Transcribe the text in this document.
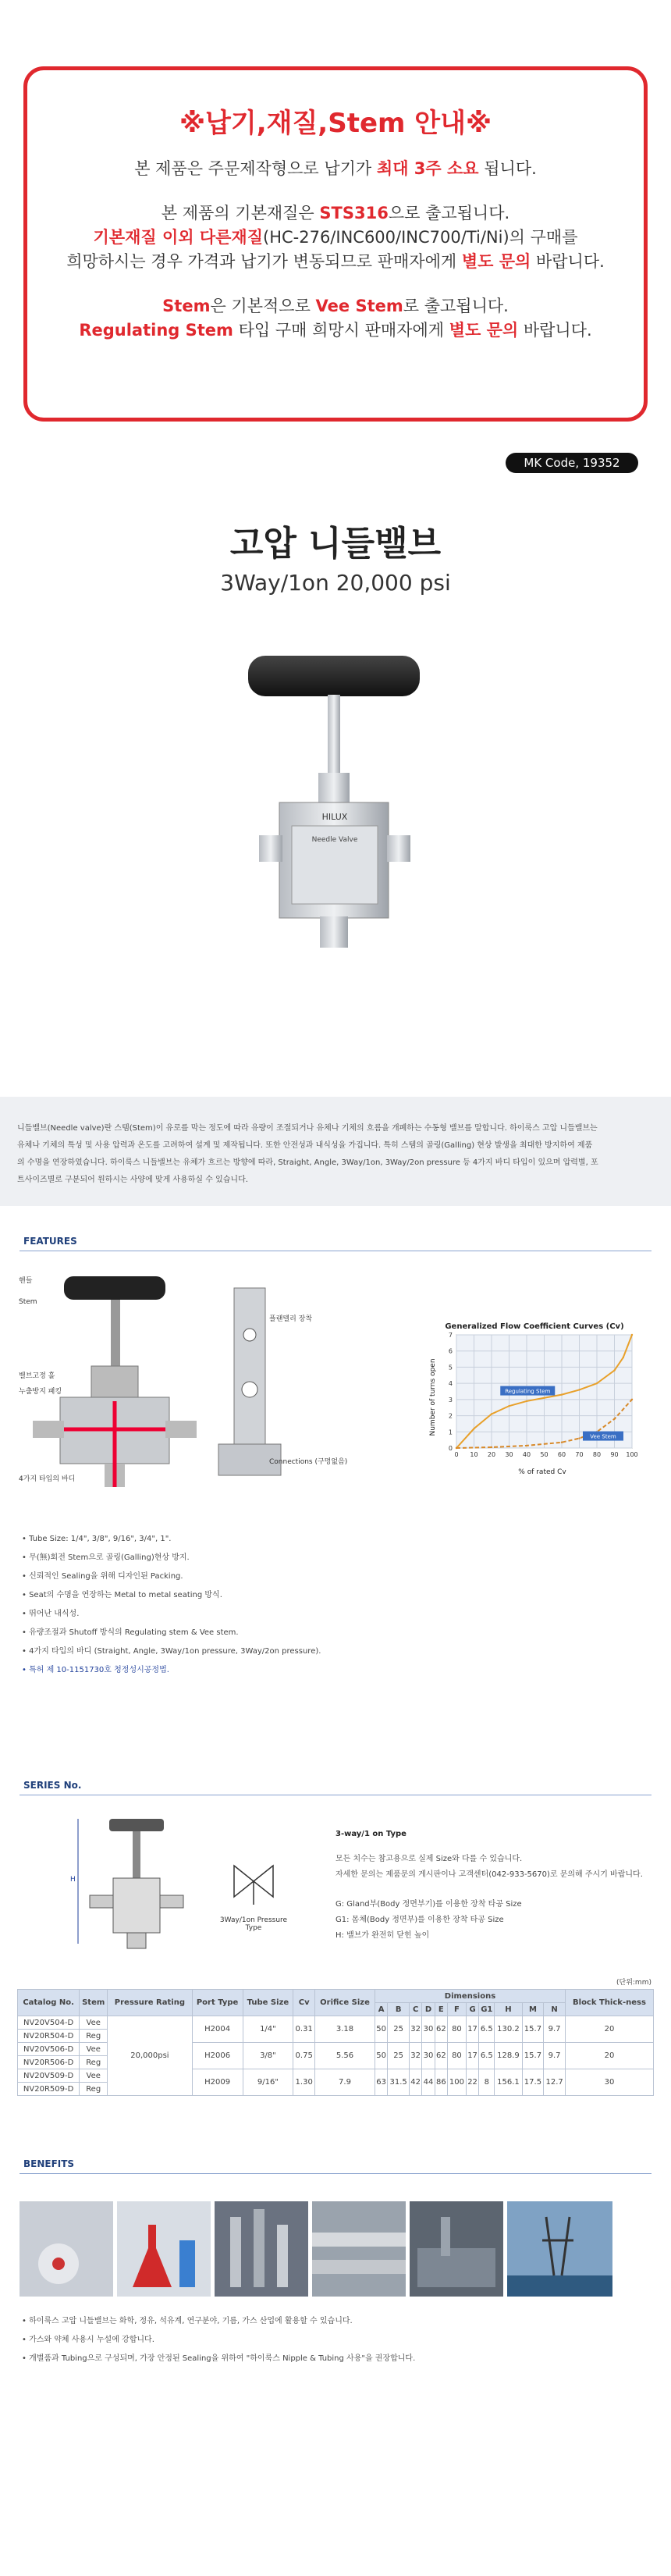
※납기,재질,Stem 안내※

본 제품은 주문제작형으로 납기가 최대 3주 소요 됩니다.

본 제품의 기본재질은 STS316으로 출고됩니다.

기본재질 이외 다른재질(HC-276/INC600/INC700/Ti/Ni)의 구매를

희망하시는 경우 가격과 납기가 변동되므로 판매자에게 별도 문의 바랍니다.

Stem은 기본적으로 Vee Stem로 출고됩니다.

Regulating Stem 타입 구매 희망시 판매자에게 별도 문의 바랍니다.

MK Code, 19352
고압 니들밸브
3Way/1on 20,000 psi
HILUX
Needle Valve
니들밸브(Needle valve)란 스템(Stem)이 유로를 막는 정도에 따라 유량이 조절되거나 유체나 기체의 흐름을 개폐하는 수동형 밸브를 말합니다. 하이룩스 고압 니들밸브는
유체나 기체의 특성 및 사용 압력과 온도를 고려하여 설계 및 제작됩니다. 또한 안전성과 내식성을 가집니다. 특히 스템의 골링(Galling) 현상 발생을 최대한 방지하여 제품
의 수명을 연장하였습니다. 하이룩스 니들밸브는 유체가 흐르는 방향에 따라, Straight, Angle, 3Way/1on, 3Way/2on pressure 등 4가지 바디 타입이 있으며 압력별, 포
트사이즈별로 구분되어 원하시는 사양에 맞게 사용하실 수 있습니다.
FEATURES
핸들
Stem
밸브고정 홀
누출방지 패킹
4가지 타입의 바디
플랜텔리 장착
Connections (구멍없음)
Generalized Flow Coefficient Curves (Cv)
% of rated Cv
Number of turns open
0 10 20 30 40 50 60 70 80 90 100
0
1
2
3
4
5
6
7
Regulating Stem
Vee Stem
• Tube Size: 1/4", 3/8", 9/16", 3/4", 1".
• 무(無)회전 Stem으로 골링(Galling)현상 방지.
• 신뢰적인 Sealing을 위해 디자인된 Packing.
• Seat의 수명을 연장하는 Metal to metal seating 방식.
• 뛰어난 내식성.
• 유량조절과 Shutoff 방식의 Regulating stem & Vee stem.
• 4가지 타입의 바디 (Straight, Angle, 3Way/1on pressure, 3Way/2on pressure).
• 특허 제 10-1151730호 청정성시공정법.
SERIES No.
H
3Way/1on Pressure Type
3-way/1 on Type
모든 치수는 참고용으로 실제 Size와 다를 수 있습니다.
자세한 문의는 제품문의 게시판이나 고객센터(042-933-5670)로 문의해 주시기 바랍니다.
G: Gland부(Body 정면부기)를 이용한 장착 타공 Size
G1: 몸체(Body 정면부)를 이용한 장착 타공 Size
H: 밸브가 완전히 닫힌 높이
(단위:mm)
Catalog No.	Stem	Pressure Rating	Port Type	Tube Size	Cv	Orifice Size	Dimensions											Block Thick-ness
							A	B	C	D	E	F	G	G1	H	M	N	
NV20V504-D	Vee	20,000psi	H2004	1/4"	0.31	3.18	50	25	32	30	62	80	17	6.5	130.2	15.7	9.7	20
NV20R504-D	Reg																	
NV20V506-D	Vee		H2006	3/8"	0.75	5.56	50	25	32	30	62	80	17	6.5	128.9	15.7	9.7	20
NV20R506-D	Reg																	
NV20V509-D	Vee		H2009	9/16"	1.30	7.9	63	31.5	42	44	86	100	22	8	156.1	17.5	12.7	30
NV20R509-D	Reg																	
BENEFITS
• 하이룩스 고압 니들밸브는 화학, 정유, 석유계, 연구분야, 기름, 가스 산업에 활용할 수 있습니다.
• 가스와 약체 사용시 누설에 강합니다.
• 개별품과 Tubing으로 구성되며, 가장 안정된 Sealing을 위하여 "하이룩스 Nipple & Tubing 사용"을 권장합니다.
